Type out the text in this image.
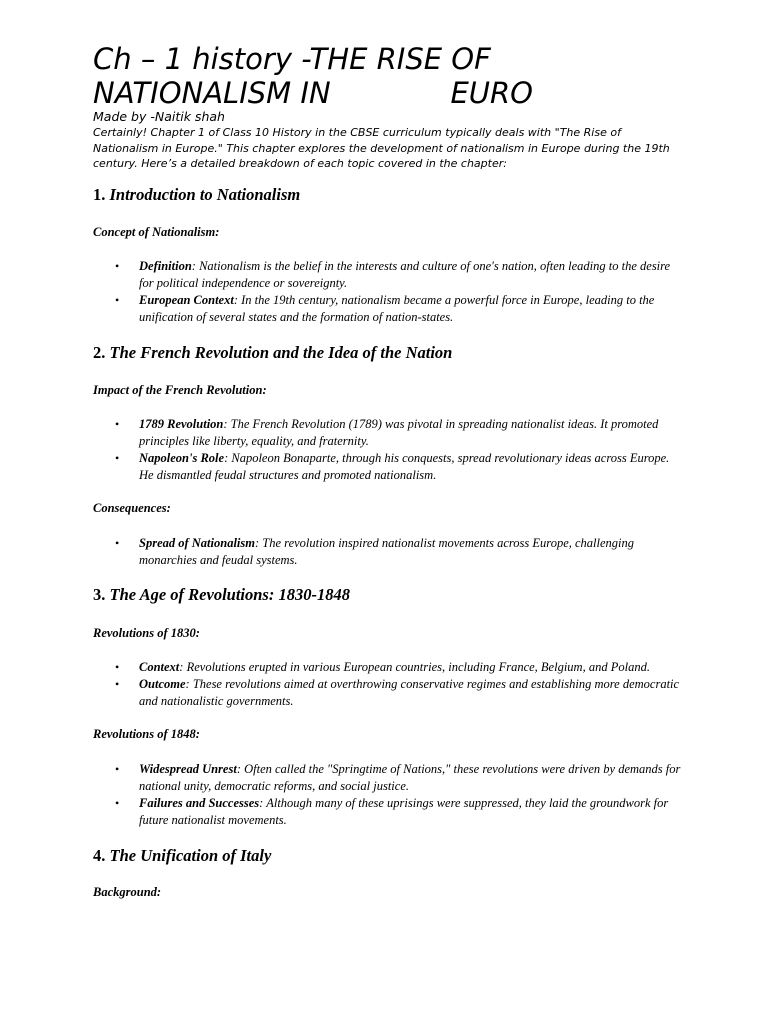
Ch – 1 history -THE RISE OF
NATIONALISM IN             EURO

Made by -Naitik shah

Certainly! Chapter 1 of Class 10 History in the CBSE curriculum typically deals with "The Rise of Nationalism in Europe." This chapter explores the development of nationalism in Europe during the 19th century. Here’s a detailed breakdown of each topic covered in the chapter:

1. Introduction to Nationalism
Concept of Nationalism:
• Definition: Nationalism is the belief in the interests and culture of one's nation, often leading to the desire for political independence or sovereignty.
• European Context: In the 19th century, nationalism became a powerful force in Europe, leading to the unification of several states and the formation of nation-states.
2. The French Revolution and the Idea of the Nation
Impact of the French Revolution:
• 1789 Revolution: The French Revolution (1789) was pivotal in spreading nationalist ideas. It promoted principles like liberty, equality, and fraternity.
• Napoleon's Role: Napoleon Bonaparte, through his conquests, spread revolutionary ideas across Europe. He dismantled feudal structures and promoted nationalism.
Consequences:
• Spread of Nationalism: The revolution inspired nationalist movements across Europe, challenging monarchies and feudal systems.
3. The Age of Revolutions: 1830-1848
Revolutions of 1830:
• Context: Revolutions erupted in various European countries, including France, Belgium, and Poland.
• Outcome: These revolutions aimed at overthrowing conservative regimes and establishing more democratic and nationalistic governments.
Revolutions of 1848:
• Widespread Unrest: Often called the "Springtime of Nations," these revolutions were driven by demands for national unity, democratic reforms, and social justice.
• Failures and Successes: Although many of these uprisings were suppressed, they laid the groundwork for future nationalist movements.
4. The Unification of Italy
Background:
